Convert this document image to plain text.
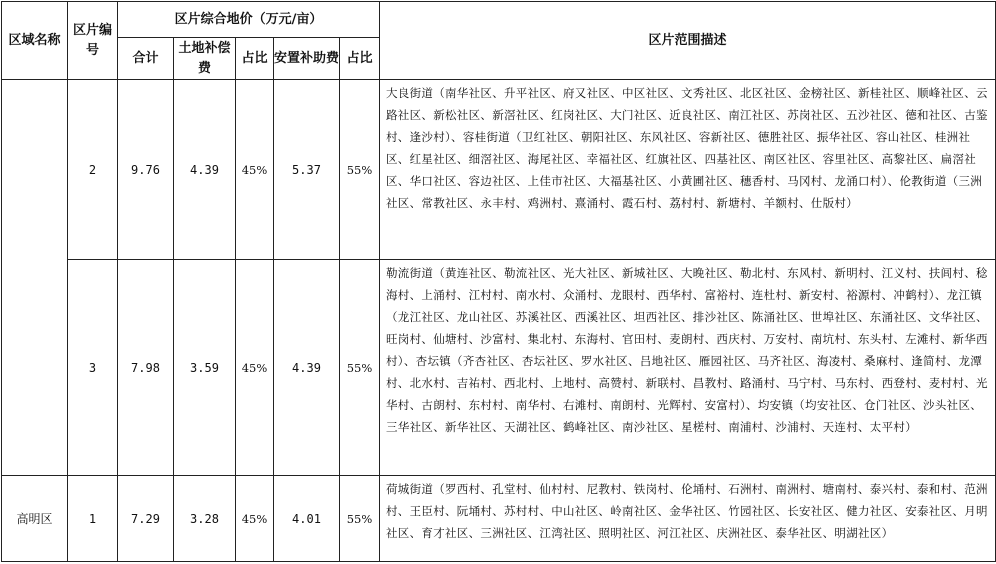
区域名称	区片编号	区片综合地价（万元/亩）					区片范围描述
		合计	土地补偿费	占比	安置补助费	占比	
	2	9.76	4.39	45%	5.37	55%	大良街道（南华社区、升平社区、府又社区、中区社区、文秀社区、北区社区、金榜社区、新桂社区、顺峰社区、云路社区、新松社区、新滘社区、红岗社区、大门社区、近良社区、南江社区、苏岗社区、五沙社区、德和社区、古鉴村、逢沙村）、容桂街道（卫红社区、朝阳社区、东风社区、容新社区、德胜社区、振华社区、容山社区、桂洲社区、红星社区、细滘社区、海尾社区、幸福社区、红旗社区、四基社区、南区社区、容里社区、高黎社区、扁滘社区、华口社区、容边社区、上佳市社区、大福基社区、小黄圃社区、穗香村、马冈村、龙涌口村）、伦教街道（三洲社区、常教社区、永丰村、鸡洲村、熹涌村、霞石村、荔村村、新塘村、羊额村、仕版村）
	3	7.98	3.59	45%	4.39	55%	勒流街道（黄连社区、勒流社区、光大社区、新城社区、大晚社区、勒北村、东风村、新明村、江义村、扶闾村、稔海村、上涌村、江村村、南水村、众涌村、龙眼村、西华村、富裕村、连杜村、新安村、裕源村、冲鹤村）、龙江镇（龙江社区、龙山社区、苏溪社区、西溪社区、坦西社区、排沙社区、陈涌社区、世埠社区、东涌社区、文华社区、旺岗村、仙塘村、沙富村、集北村、东海村、官田村、麦朗村、西庆村、万安村、南坑村、东头村、左滩村、新华西村）、杏坛镇（齐杏社区、杏坛社区、罗水社区、吕地社区、雁园社区、马齐社区、海凌村、桑麻村、逢简村、龙潭村、北水村、吉祐村、西北村、上地村、高赞村、新联村、昌教村、路涌村、马宁村、马东村、西登村、麦村村、光华村、古朗村、东村村、南华村、右滩村、南朗村、光辉村、安富村）、均安镇（均安社区、仓门社区、沙头社区、三华社区、新华社区、天湖社区、鹤峰社区、南沙社区、星槎村、南浦村、沙浦村、天连村、太平村）
高明区	1	7.29	3.28	45%	4.01	55%	荷城街道（罗西村、孔堂村、仙村村、尼教村、铁岗村、伦埇村、石洲村、南洲村、塘南村、泰兴村、泰和村、范洲村、王臣村、阮埇村、苏村村、中山社区、岭南社区、金华社区、竹园社区、长安社区、健力社区、安泰社区、月明社区、育才社区、三洲社区、江湾社区、照明社区、河江社区、庆洲社区、泰华社区、明湖社区）
